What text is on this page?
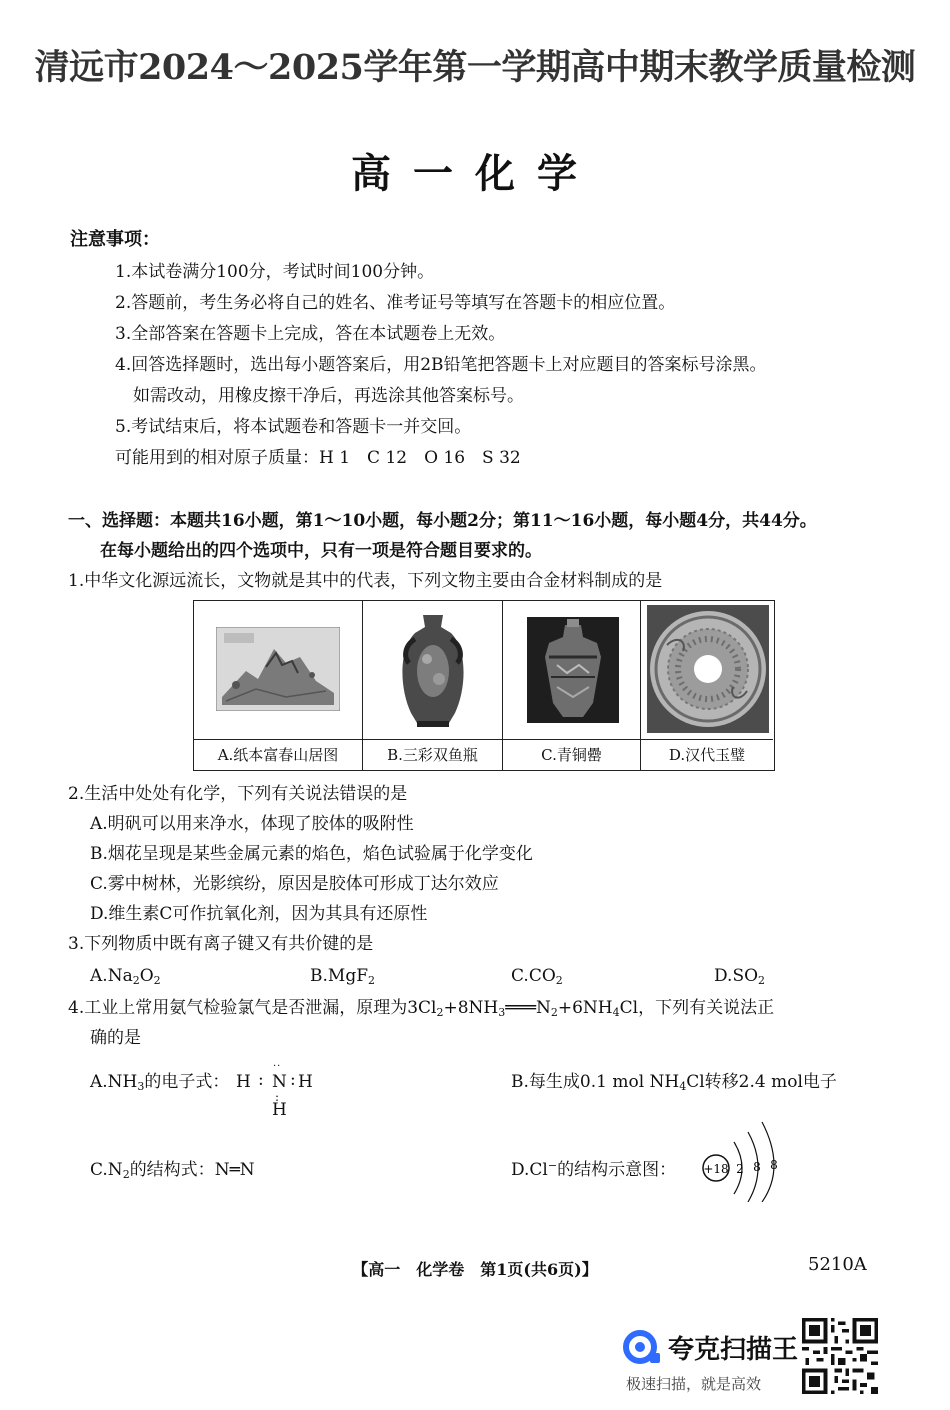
清远市2024～2025学年第一学期高中期末教学质量检测
高一化学
注意事项：
1.本试卷满分100分，考试时间100分钟。
2.答题前，考生务必将自己的姓名、准考证号等填写在答题卡的相应位置。
3.全部答案在答题卡上完成，答在本试题卷上无效。
4.回答选择题时，选出每小题答案后，用2B铅笔把答题卡上对应题目的答案标号涂黑。
如需改动，用橡皮擦干净后，再选涂其他答案标号。
5.考试结束后，将本试题卷和答题卡一并交回。
可能用到的相对原子质量：H 1　C 12　O 16　S 32
一、选择题：本题共16小题，第1～10小题，每小题2分；第11～16小题，每小题4分，共44分。
在每小题给出的四个选项中，只有一项是符合题目要求的。
1.中华文化源远流长，文物就是其中的代表，下列文物主要由合金材料制成的是
A.纸本富春山居图	B.三彩双鱼瓶	C.青铜罍	D.汉代玉璧
2.生活中处处有化学，下列有关说法错误的是
A.明矾可以用来净水，体现了胶体的吸附性
B.烟花呈现是某些金属元素的焰色，焰色试验属于化学变化
C.雾中树林，光影缤纷，原因是胶体可形成丁达尔效应
D.维生素C可作抗氧化剂，因为其具有还原性
3.下列物质中既有离子键又有共价键的是
$A.Na_2O_2$	B.MgF$_2$	$C.CO_2$	$D.SO_2$
4.工业上常用氨气检验氯气是否泄漏，原理为$3Cl_2+8NH_3═══N_2+6NH_4Cl$，下列有关说法正
确的是
$A.NH_3$的电子式： H :
··
N : H
:
H
B.每生成0.1 mol $NH_4Cl$转移2.4 mol电子
$C.N_2$的结构式：N═N	D.Cl−的结构示意图： +18 2 8 8
【高一　化学卷　第1页(共6页)】	5210A
夸克扫描王
极速扫描，就是高效
